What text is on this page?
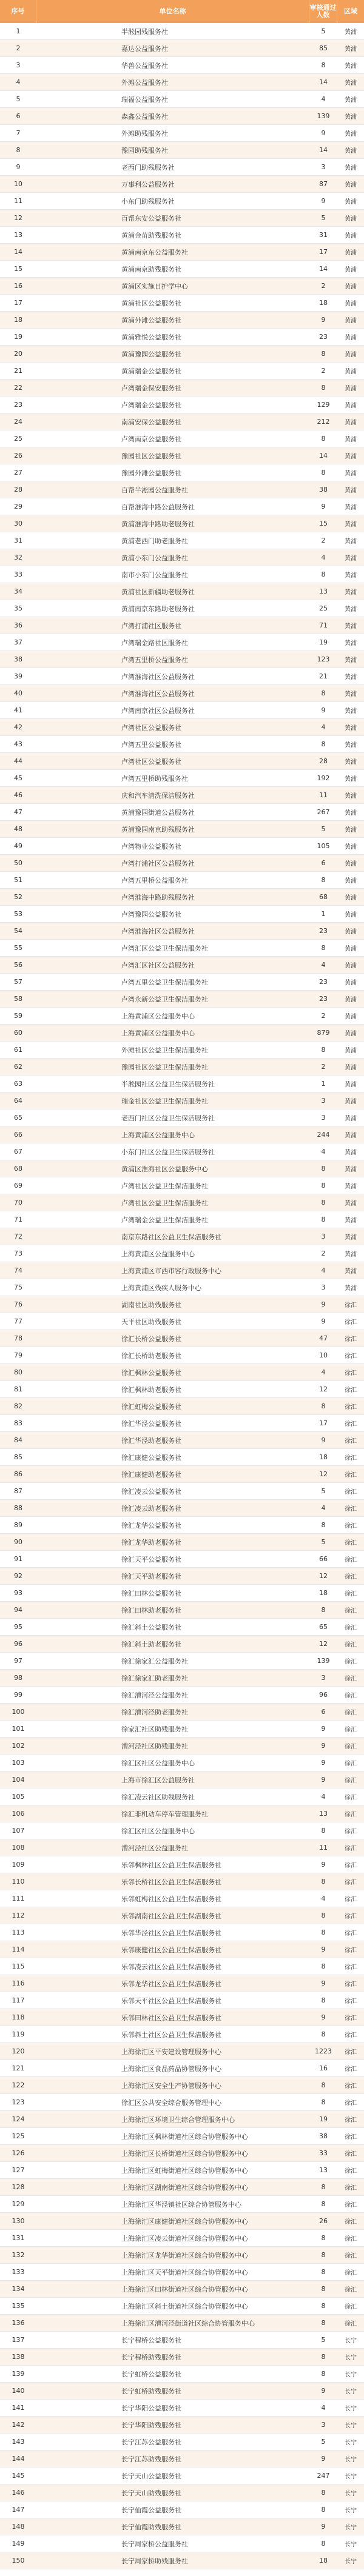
序号	单位名称	审核通过人数	区域
1	半淞园残服务社	5	黄浦
2	嘉达公益服务社	85	黄浦
3	华兽公益服务社	8	黄浦
4	外滩公益服务社	14	黄浦
5	瑞福公益服务社	4	黄浦
6	森鑫公益服务社	139	黄浦
7	外滩助残服务社	9	黄浦
8	豫园助残服务社	14	黄浦
9	老西门助残服务社	3	黄浦
10	万事利公益服务社	87	黄浦
11	小东门助残服务社	9	黄浦
12	百帮东安公益服务社	5	黄浦
13	黄浦金苗助残服务社	31	黄浦
14	黄浦南京东公益服务社	17	黄浦
15	黄浦南京助残服务社	14	黄浦
16	黄浦区实施日护学中心	2	黄浦
17	黄浦社区公益服务社	18	黄浦
18	黄浦外滩公益服务社	9	黄浦
19	黄浦雅悦公益服务社	23	黄浦
20	黄浦豫园公益服务社	8	黄浦
21	黄浦瑞金公益服务社	2	黄浦
22	卢湾瑞金保安服务社	8	黄浦
23	卢湾瑞金公益服务社	129	黄浦
24	南浦安保公益服务社	212	黄浦
25	卢湾南京公益服务社	8	黄浦
26	豫园社区公益服务社	14	黄浦
27	豫园外滩公益服务社	8	黄浦
28	百帮半淞园公益服务社	38	黄浦
29	百帮淮海中路公益服务社	9	黄浦
30	黄浦淮海中路助老服务社	15	黄浦
31	黄浦老西门助老服务社	2	黄浦
32	黄浦小东门公益服务社	4	黄浦
33	南市小东门公益服务社	8	黄浦
34	黄浦社区新疆助老服务社	13	黄浦
35	黄浦南京东路助老服务社	25	黄浦
36	卢湾打浦社区服务社	71	黄浦
37	卢湾瑞金路社区服务社	19	黄浦
38	卢湾五里桥公益服务社	123	黄浦
39	卢湾淮海社区公益服务社	21	黄浦
40	卢湾淮海社区公益服务社	8	黄浦
41	卢湾南京社区公益服务社	9	黄浦
42	卢湾社区公益服务社	4	黄浦
43	卢湾五里公益服务社	8	黄浦
44	卢湾社区公益服务社	28	黄浦
45	卢湾五里桥助残服务社	192	黄浦
46	庆和汽车清洗保洁服务社	11	黄浦
47	黄浦豫园街道公益服务社	267	黄浦
48	黄浦豫园南京助残服务社	5	黄浦
49	卢湾物业公益服务社	105	黄浦
50	卢湾打浦社区公益服务社	6	黄浦
51	卢湾五里桥公益服务社	8	黄浦
52	卢湾淮海中路助残服务社	68	黄浦
53	卢湾豫园公益服务社	1	黄浦
54	卢湾淮海社区公益服务社	23	黄浦
55	卢湾汇区公益卫生保洁服务社	8	黄浦
56	卢湾汇区社区公益服务社	4	黄浦
57	卢湾五里公益卫生保洁服务社	23	黄浦
58	卢湾永新公益卫生保洁服务社	23	黄浦
59	上海黄浦区公益服务中心	2	黄浦
60	上海黄浦区公益服务中心	879	黄浦
61	外滩社区公益卫生保洁服务社	8	黄浦
62	豫园社区公益卫生保洁服务社	2	黄浦
63	半淞园社区公益卫生保洁服务社	1	黄浦
64	瑞金社区公益卫生保洁服务社	3	黄浦
65	老西门社区公益卫生保洁服务社	3	黄浦
66	上海黄浦区公益服务中心	244	黄浦
67	小东门社区公益卫生保洁服务社	4	黄浦
68	黄浦区淮海社区公益服务中心	8	黄浦
69	卢湾社区公益卫生保洁服务社	8	黄浦
70	卢湾社区公益卫生保洁服务社	8	黄浦
71	卢湾瑞金公益卫生保洁服务社	8	黄浦
72	南京东路社区公益卫生保洁服务社	3	黄浦
73	上海黄浦区公益服务中心	2	黄浦
74	上海黄浦区市西市容行政服务中心	4	黄浦
75	上海黄浦区残疾人服务中心	3	黄浦
76	湖南社区助残服务社	9	徐汇
77	天平社区助残服务社	9	徐汇
78	徐汇长桥公益服务社	47	徐汇
79	徐汇长桥助老服务社	10	徐汇
80	徐汇枫林公益服务社	4	徐汇
81	徐汇枫林助老服务社	12	徐汇
82	徐汇虹梅公益服务社	8	徐汇
83	徐汇华泾公益服务社	17	徐汇
84	徐汇华泾助老服务社	9	徐汇
85	徐汇康健公益服务社	18	徐汇
86	徐汇康健助老服务社	12	徐汇
87	徐汇凌云公益服务社	5	徐汇
88	徐汇凌云助老服务社	4	徐汇
89	徐汇龙华公益服务社	8	徐汇
90	徐汇龙华助老服务社	5	徐汇
91	徐汇天平公益服务社	66	徐汇
92	徐汇天平助老服务社	12	徐汇
93	徐汇田林公益服务社	18	徐汇
94	徐汇田林助老服务社	8	徐汇
95	徐汇斜土公益服务社	65	徐汇
96	徐汇斜土助老服务社	12	徐汇
97	徐汇徐家汇公益服务社	139	徐汇
98	徐汇徐家汇助老服务社	3	徐汇
99	徐汇漕河泾公益服务社	96	徐汇
100	徐汇漕河泾助老服务社	6	徐汇
101	徐家汇社区助残服务社	9	徐汇
102	漕河泾社区助残服务社	9	徐汇
103	徐汇区社区公益服务中心	9	徐汇
104	上海市徐汇区公益服务社	9	徐汇
105	徐汇凌云社区助残服务社	4	徐汇
106	徐汇非机动车停车管理服务社	13	徐汇
107	徐汇区社区公益服务中心	8	徐汇
108	漕河泾社区公益服务社	11	徐汇
109	乐邻枫林社区公益卫生保洁服务社	9	徐汇
110	乐邻长桥社区公益卫生保洁服务社	8	徐汇
111	乐邻虹梅社区公益卫生保洁服务社	4	徐汇
112	乐邻湖南社区公益卫生保洁服务社	8	徐汇
113	乐邻华泾社区公益卫生保洁服务社	8	徐汇
114	乐邻康健社区公益卫生保洁服务社	9	徐汇
115	乐邻凌云社区公益卫生保洁服务社	8	徐汇
116	乐邻龙华社区公益卫生保洁服务社	9	徐汇
117	乐邻天平社区公益卫生保洁服务社	8	徐汇
118	乐邻田林社区公益卫生保洁服务社	9	徐汇
119	乐邻斜土社区公益卫生保洁服务社	8	徐汇
120	上海徐汇区平安建设管理服务中心	1223	徐汇
121	上海徐汇区食品药品协管服务中心	16	徐汇
122	上海徐汇区安全生产协管服务中心	8	徐汇
123	徐汇区公共安全综合服务管理中心	8	徐汇
124	上海徐汇区环境卫生综合管理服务中心	19	徐汇
125	上海徐汇区枫林街道社区综合协管服务中心	38	徐汇
126	上海徐汇区长桥街道社区综合协管服务中心	33	徐汇
127	上海徐汇区虹梅街道社区综合协管服务中心	13	徐汇
128	上海徐汇区湖南街道社区综合协管服务中心	8	徐汇
129	上海徐汇区华泾镇社区综合协管服务中心	8	徐汇
130	上海徐汇区康健街道社区综合协管服务中心	26	徐汇
131	上海徐汇区凌云街道社区综合协管服务中心	8	徐汇
132	上海徐汇区龙华街道社区综合协管服务中心	8	徐汇
133	上海徐汇区天平街道社区综合协管服务中心	8	徐汇
134	上海徐汇区田林街道社区综合协管服务中心	8	徐汇
135	上海徐汇区斜土街道社区综合协管服务中心	8	徐汇
136	上海徐汇区漕河泾街道社区综合协管服务中心	8	徐汇
137	长宁程桥公益服务社	5	长宁
138	长宁程桥助残服务社	8	长宁
139	长宁虹桥公益服务社	8	长宁
140	长宁虹桥助残服务社	9	长宁
141	长宁华阳公益服务社	4	长宁
142	长宁华阳助残服务社	3	长宁
143	长宁江苏公益服务社	5	长宁
144	长宁江苏助残服务社	9	长宁
145	长宁天山公益服务社	247	长宁
146	长宁天山助残服务社	8	长宁
147	长宁仙霞公益服务社	8	长宁
148	长宁仙霞助残服务社	9	长宁
149	长宁周家桥公益服务社	8	长宁
150	长宁周家桥助残服务社	18	长宁
